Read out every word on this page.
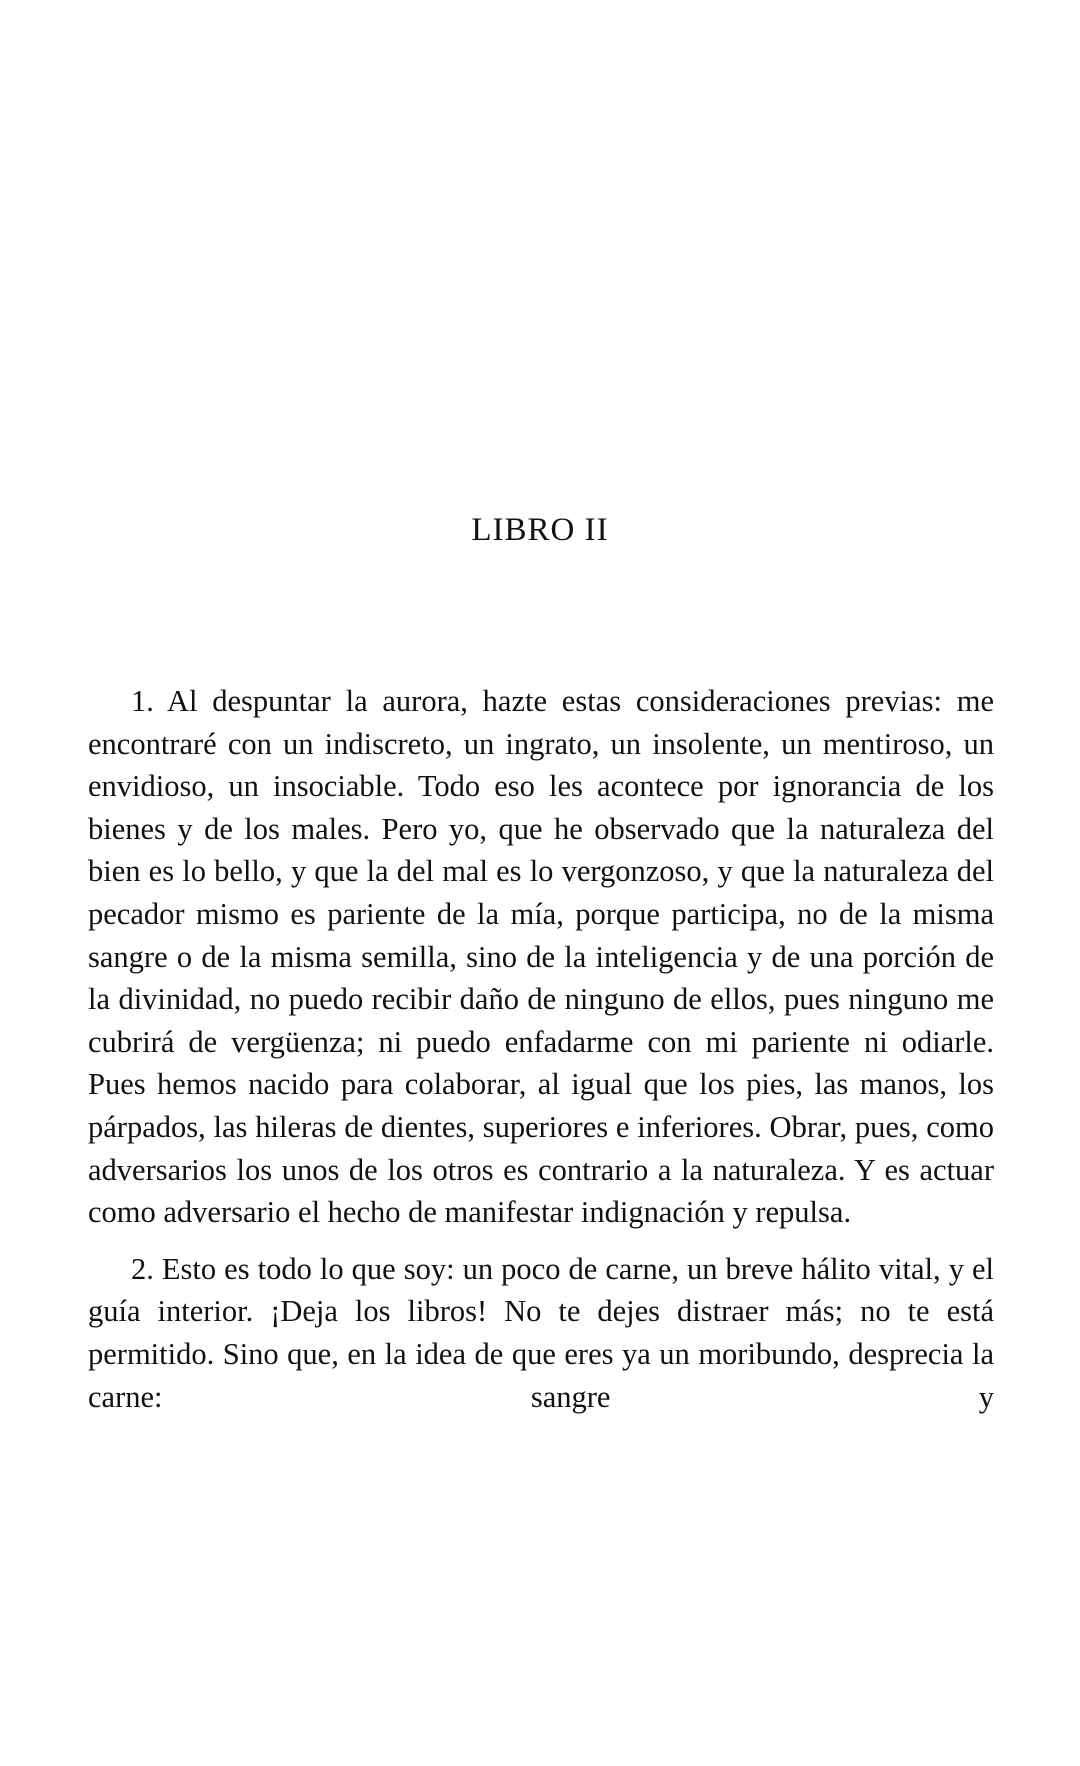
LIBRO II

1. Al despuntar la aurora, hazte estas consideraciones previas: me encontraré con un indiscreto, un ingrato, un insolente, un mentiroso, un envidioso, un insociable. Todo eso les acontece por ignorancia de los bienes y de los males. Pero yo, que he observado que la naturaleza del bien es lo bello, y que la del mal es lo vergonzoso, y que la naturaleza del pecador mismo es pariente de la mía, porque participa, no de la misma sangre o de la misma semilla, sino de la inteligencia y de una porción de la divinidad, no puedo recibir daño de ninguno de ellos, pues ninguno me cubrirá de vergüenza; ni puedo enfadarme con mi pariente ni odiarle. Pues hemos nacido para colaborar, al igual que los pies, las manos, los párpados, las hileras de dientes, superiores e inferiores. Obrar, pues, como adversarios los unos de los otros es contrario a la naturaleza. Y es actuar como adversario el hecho de manifestar indignación y repulsa.

2. Esto es todo lo que soy: un poco de carne, un breve hálito vital, y el guía interior. ¡Deja los libros! No te dejes distraer más; no te está permitido. Sino que, en la idea de que eres ya un moribundo, desprecia la carne: sangre y
